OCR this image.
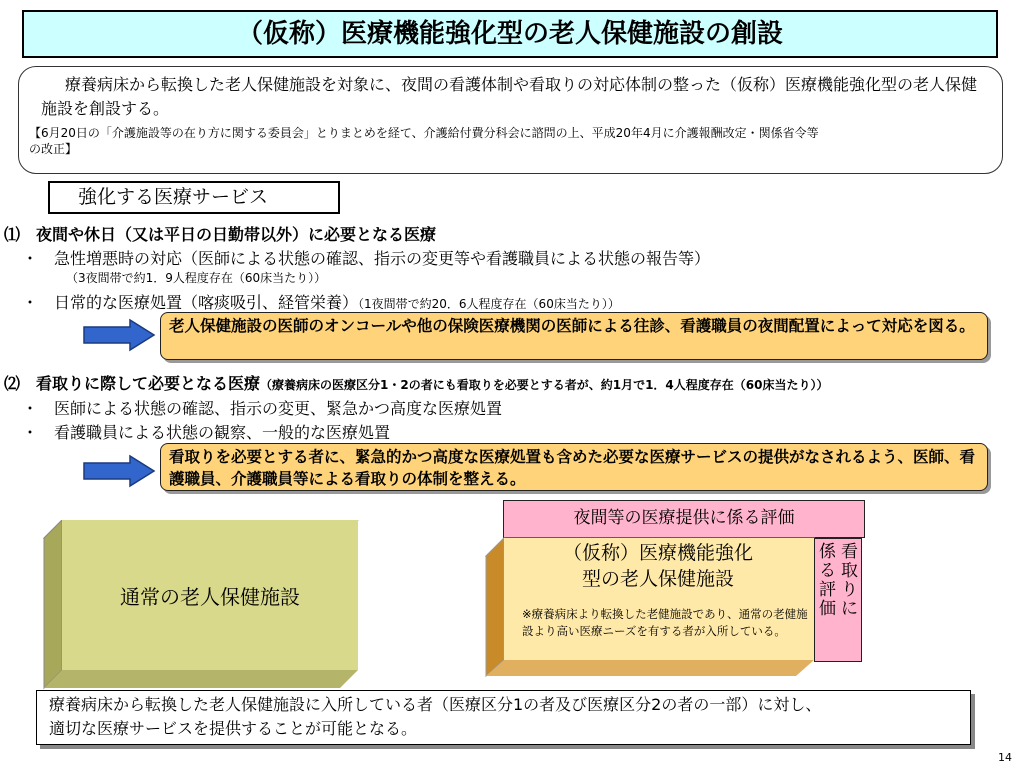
（仮称）医療機能強化型の老人保健施設の創設
療養病床から転換した老人保健施設を対象に、夜間の看護体制や看取りの対応体制の整った（仮称）医療機能強化型の老人保健施設を創設する。
【6月20日の「介護施設等の在り方に関する委員会」とりまとめを経て、介護給付費分科会に諮問の上、平成20年4月に介護報酬改定・関係省令等
の改正】
強化する医療サービス
⑴　夜間や休日（又は平日の日勤帯以外）に必要となる医療
・　急性増悪時の対応（医師による状態の確認、指示の変更等や看護職員による状態の報告等）
（3夜間帯で約1．9人程度存在（60床当たり））
・　日常的な医療処置（喀痰吸引、経管栄養）（1夜間帯で約20．6人程度存在（60床当たり））
老人保健施設の医師のオンコールや他の保険医療機関の医師による往診、看護職員の夜間配置によって対応を図る。
⑵　看取りに際して必要となる医療（療養病床の医療区分1・2の者にも看取りを必要とする者が、約1月で1．4人程度存在（60床当たり））
・　医師による状態の確認、指示の変更、緊急かつ高度な医療処置
・　看護職員による状態の観察、一般的な医療処置
看取りを必要とする者に、緊急的かつ高度な医療処置も含めた必要な医療サービスの提供がなされるよう、医師、看護職員、介護職員等による看取りの体制を整える。
通常の老人保健施設
夜間等の医療提供に係る評価
（仮称）医療機能強化
型の老人保健施設
※療養病床より転換した老健施設であり、通常の老健施設より高い医療ニーズを有する者が入所している。
看取りに
係る評価
療養病床から転換した老人保健施設に入所している者（医療区分1の者及び医療区分2の者の一部）に対し、
適切な医療サービスを提供することが可能となる。
14
